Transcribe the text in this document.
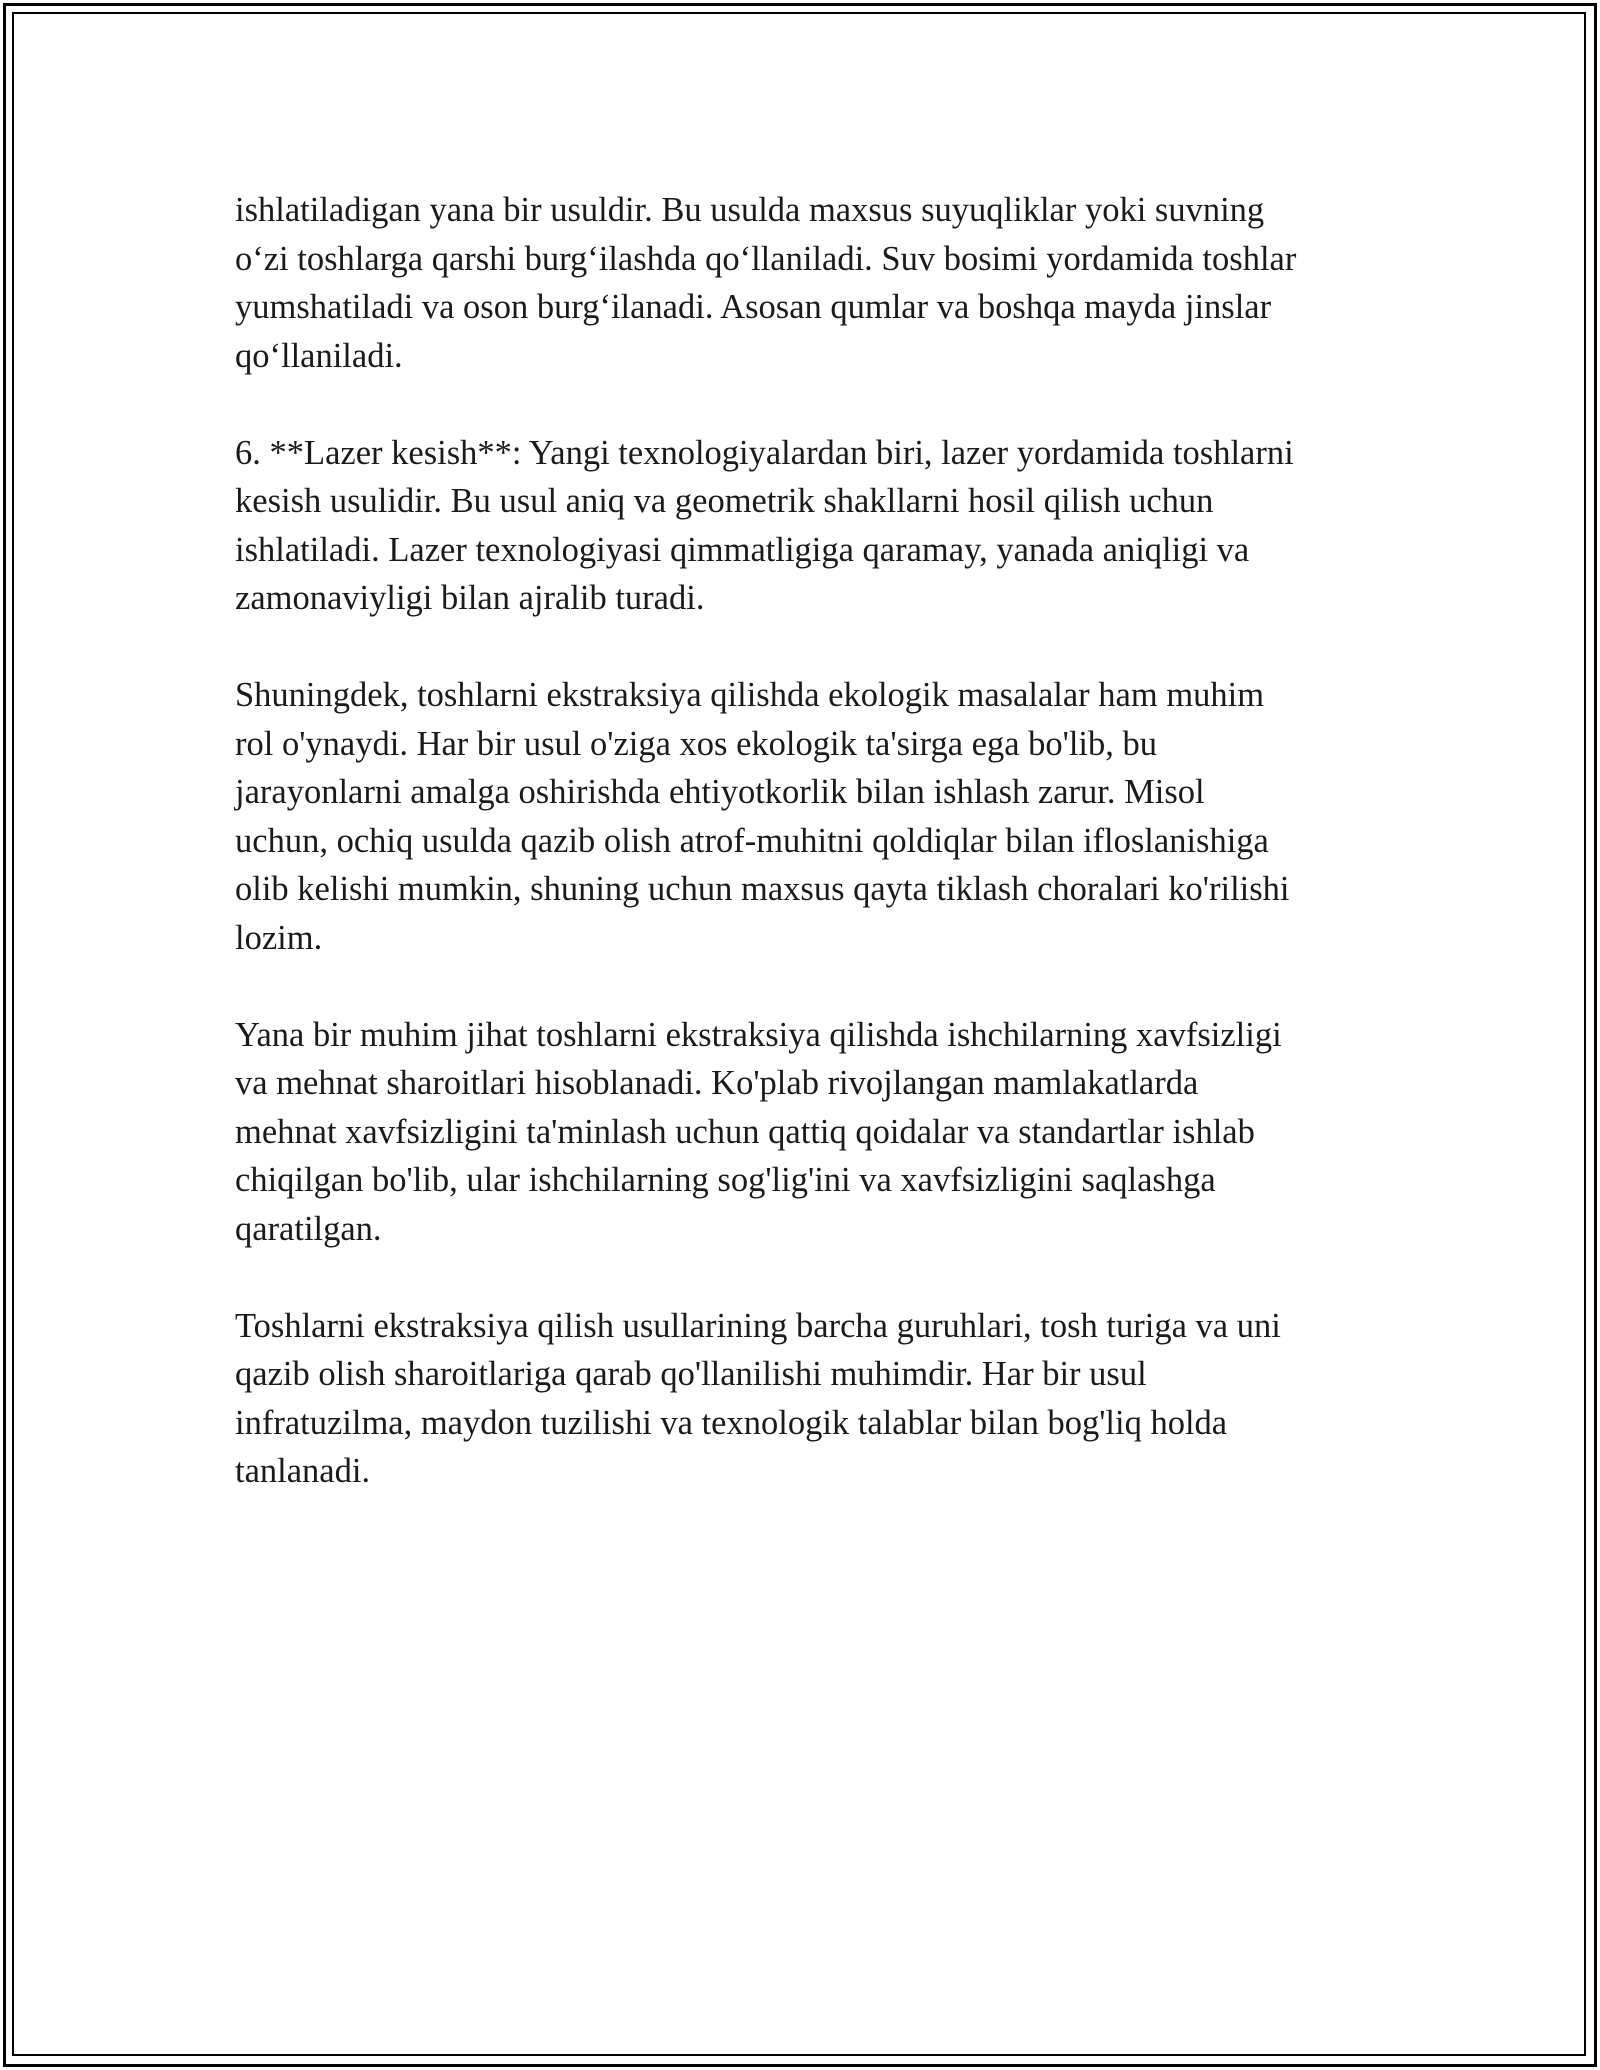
ishlatiladigan yana bir usuldir. Bu usulda maxsus suyuqliklar yoki suvning
o‘zi toshlarga qarshi burg‘ilashda qo‘llaniladi. Suv bosimi yordamida toshlar
yumshatiladi va oson burg‘ilanadi. Asosan qumlar va boshqa mayda jinslar
qo‘llaniladi.

6. **Lazer kesish**: Yangi texnologiyalardan biri, lazer yordamida toshlarni
kesish usulidir. Bu usul aniq va geometrik shakllarni hosil qilish uchun
ishlatiladi. Lazer texnologiyasi qimmatligiga qaramay, yanada aniqligi va
zamonaviyligi bilan ajralib turadi.

Shuningdek, toshlarni ekstraksiya qilishda ekologik masalalar ham muhim
rol o'ynaydi. Har bir usul o'ziga xos ekologik ta'sirga ega bo'lib, bu
jarayonlarni amalga oshirishda ehtiyotkorlik bilan ishlash zarur. Misol
uchun, ochiq usulda qazib olish atrof-muhitni qoldiqlar bilan ifloslanishiga
olib kelishi mumkin, shuning uchun maxsus qayta tiklash choralari ko'rilishi
lozim.

Yana bir muhim jihat toshlarni ekstraksiya qilishda ishchilarning xavfsizligi
va mehnat sharoitlari hisoblanadi. Ko'plab rivojlangan mamlakatlarda
mehnat xavfsizligini ta'minlash uchun qattiq qoidalar va standartlar ishlab
chiqilgan bo'lib, ular ishchilarning sog'lig'ini va xavfsizligini saqlashga
qaratilgan.

Toshlarni ekstraksiya qilish usullarining barcha guruhlari, tosh turiga va uni
qazib olish sharoitlariga qarab qo'llanilishi muhimdir. Har bir usul
infratuzilma, maydon tuzilishi va texnologik talablar bilan bog'liq holda
tanlanadi.
